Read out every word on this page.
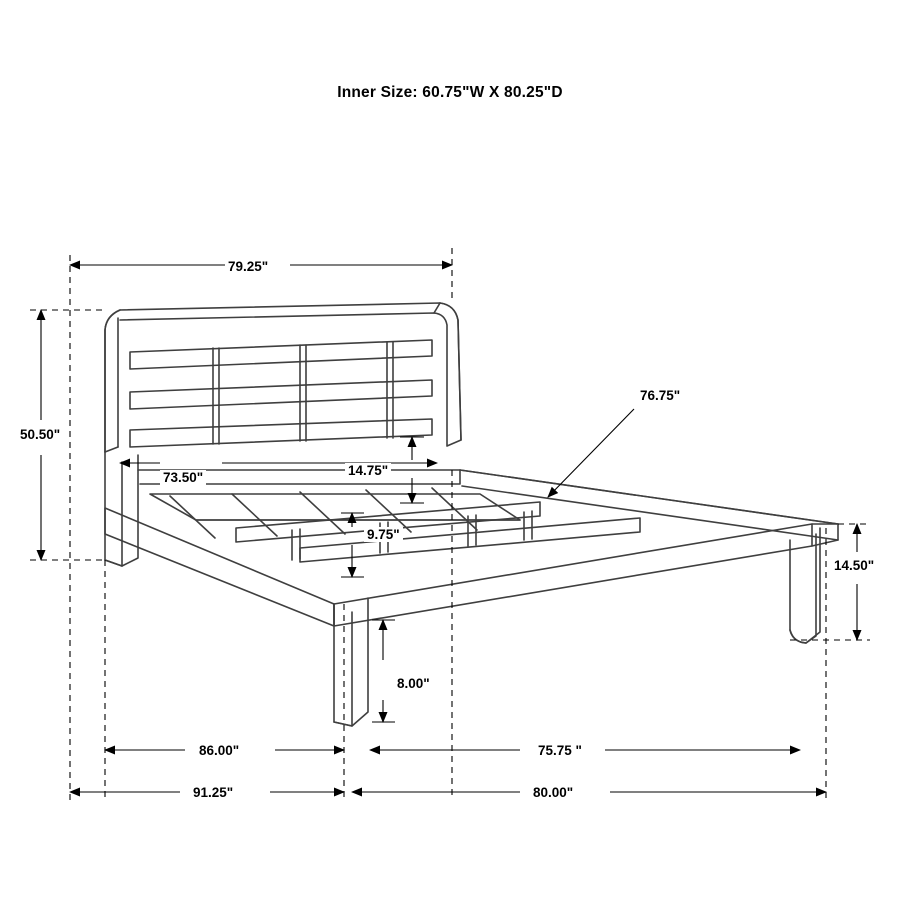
Inner Size: 60.75"W X 80.25"D
79.25"
50.50"
73.50"	14.75"
9.75"
76.75"
14.50"
8.00"
86.00"	75.75 "
91.25"	80.00"
